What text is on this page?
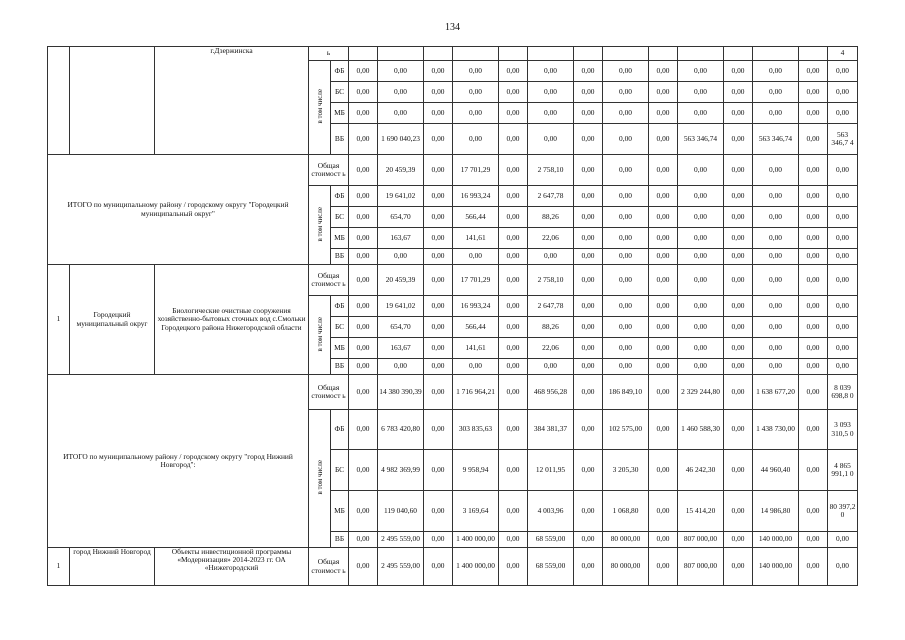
134
		г.Дзержинска	ь															4
			в том числе	ФБ	0,00	0,00	0,00	0,00	0,00	0,00	0,00	0,00	0,00	0,00	0,00	0,00	0,00	0,00
				БС	0,00	0,00	0,00	0,00	0,00	0,00	0,00	0,00	0,00	0,00	0,00	0,00	0,00	0,00
				МБ	0,00	0,00	0,00	0,00	0,00	0,00	0,00	0,00	0,00	0,00	0,00	0,00	0,00	0,00
				ВБ	0,00	1 690 040,23	0,00	0,00	0,00	0,00	0,00	0,00	0,00	563 346,74	0,00	563 346,74	0,00	563 346,7 4
ИТОГО по муниципальному району / городскому округу "Городецкий муниципальный округ"			Общая стоимост ь		0,00	20 459,39	0,00	17 701,29	0,00	2 758,10	0,00	0,00	0,00	0,00	0,00	0,00	0,00	0,00
			в том числе	ФБ	0,00	19 641,02	0,00	16 993,24	0,00	2 647,78	0,00	0,00	0,00	0,00	0,00	0,00	0,00	0,00
				БС	0,00	654,70	0,00	566,44	0,00	88,26	0,00	0,00	0,00	0,00	0,00	0,00	0,00	0,00
				МБ	0,00	163,67	0,00	141,61	0,00	22,06	0,00	0,00	0,00	0,00	0,00	0,00	0,00	0,00
				ВБ	0,00	0,00	0,00	0,00	0,00	0,00	0,00	0,00	0,00	0,00	0,00	0,00	0,00	0,00
1	Городецкий муниципальный округ	Биологические очистные сооружения хозяйственно-бытовых сточных вод с.Смольки Городецкого района Нижегородской области	Общая стоимост ь		0,00	20 459,39	0,00	17 701,29	0,00	2 758,10	0,00	0,00	0,00	0,00	0,00	0,00	0,00	0,00
			в том числе	ФБ	0,00	19 641,02	0,00	16 993,24	0,00	2 647,78	0,00	0,00	0,00	0,00	0,00	0,00	0,00	0,00
				БС	0,00	654,70	0,00	566,44	0,00	88,26	0,00	0,00	0,00	0,00	0,00	0,00	0,00	0,00
				МБ	0,00	163,67	0,00	141,61	0,00	22,06	0,00	0,00	0,00	0,00	0,00	0,00	0,00	0,00
				ВБ	0,00	0,00	0,00	0,00	0,00	0,00	0,00	0,00	0,00	0,00	0,00	0,00	0,00	0,00
ИТОГО по муниципальному району / городскому округу "город Нижний Новгород":			Общая стоимост ь		0,00	14 380 390,39	0,00	1 716 964,21	0,00	468 956,28	0,00	186 849,10	0,00	2 329 244,80	0,00	1 638 677,20	0,00	8 039 698,8 0
			в том числе	ФБ	0,00	6 783 420,80	0,00	303 835,63	0,00	384 381,37	0,00	102 575,00	0,00	1 460 588,30	0,00	1 438 730,00	0,00	3 093 310,5 0
				БС	0,00	4 982 369,99	0,00	9 958,94	0,00	12 011,95	0,00	3 205,30	0,00	46 242,30	0,00	44 960,40	0,00	4 865 991,1 0
				МБ	0,00	119 040,60	0,00	3 169,64	0,00	4 003,96	0,00	1 068,80	0,00	15 414,20	0,00	14 986,80	0,00	80 397,2 0
				ВБ	0,00	2 495 559,00	0,00	1 400 000,00	0,00	68 559,00	0,00	80 000,00	0,00	807 000,00	0,00	140 000,00	0,00	0,00
1	город Нижний Новгород	Объекты инвестиционной программы «Модернизация» 2014-2023 гг. ОА «Нижегородский	Общая стоимост ь		0,00	2 495 559,00	0,00	1 400 000,00	0,00	68 559,00	0,00	80 000,00	0,00	807 000,00	0,00	140 000,00	0,00	0,00
